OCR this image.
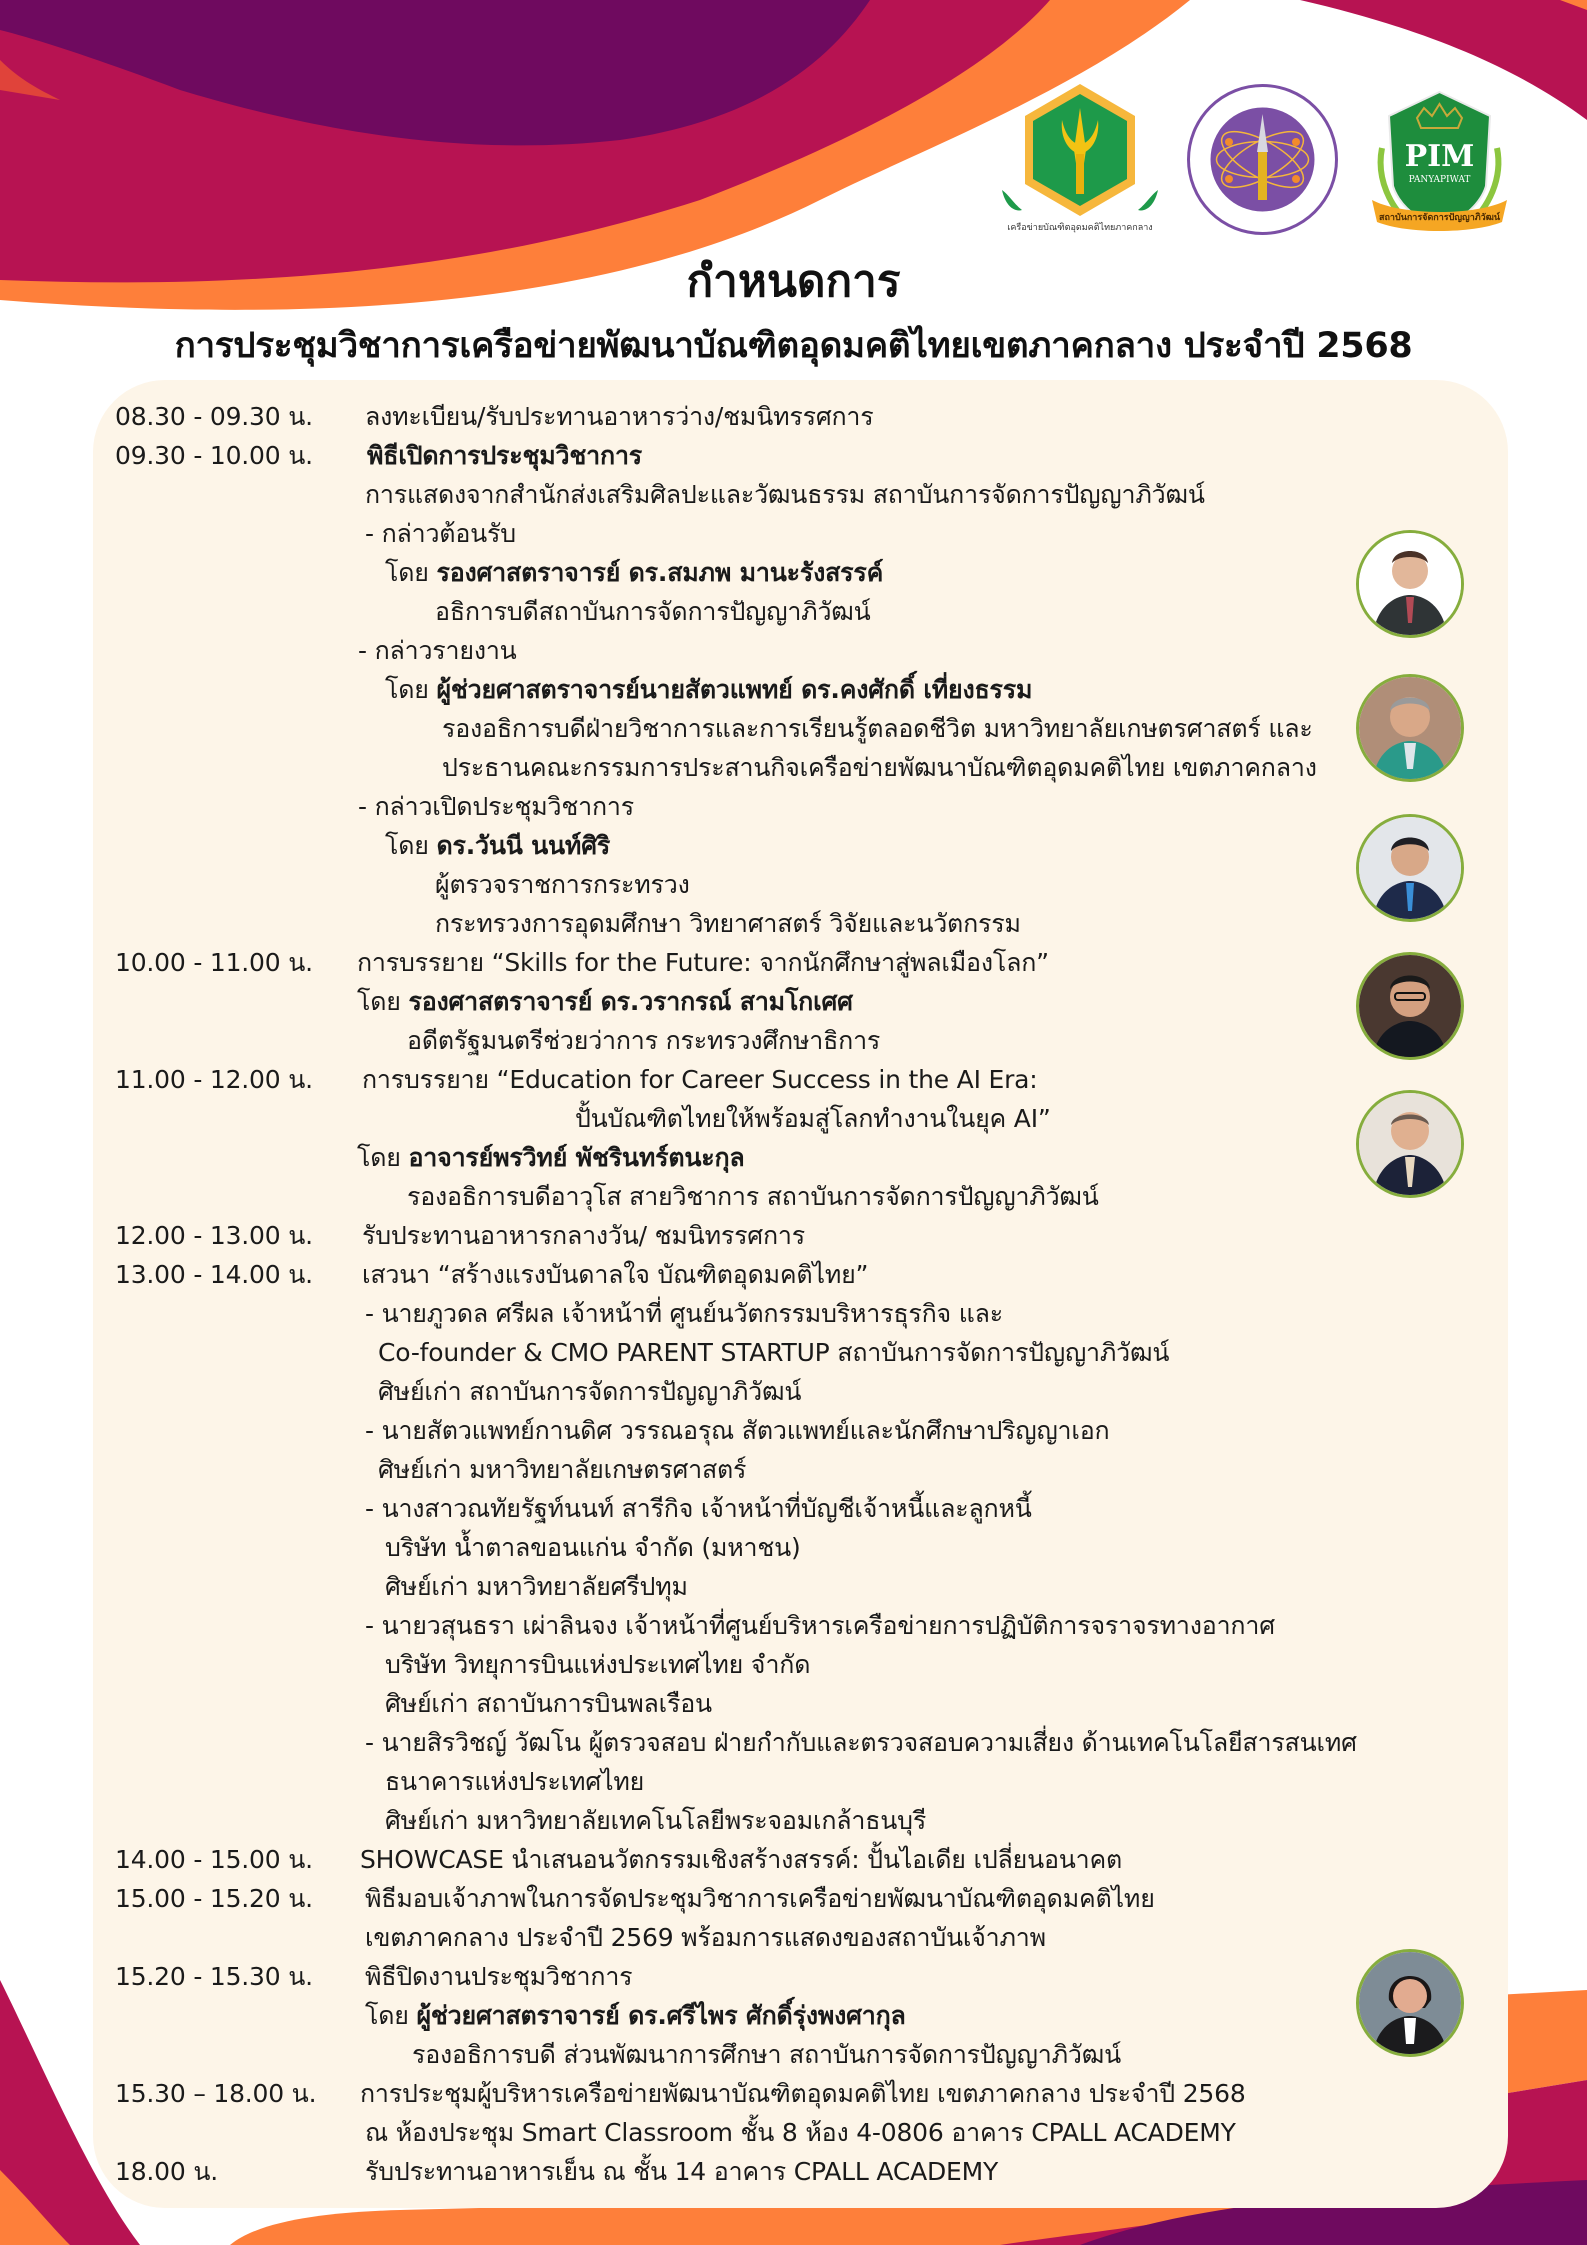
เครือข่ายบัณฑิตอุดมคติไทยภาคกลาง
PIM
PANYAPIWAT
สถาบันการจัดการปัญญาภิวัฒน์
กำหนดการ
การประชุมวิชาการเครือข่ายพัฒนาบัณฑิตอุดมคติไทยเขตภาคกลาง ประจำปี 2568
08.30 - 09.30 น. ลงทะเบียน/รับประทานอาหารว่าง/ชมนิทรรศการ
09.30 - 10.00 น. พิธีเปิดการประชุมวิชาการ
การแสดงจากสำนักส่งเสริมศิลปะและวัฒนธรรม สถาบันการจัดการปัญญาภิวัฒน์
- กล่าวต้อนรับ
โดย รองศาสตราจารย์ ดร.สมภพ มานะรังสรรค์
อธิการบดีสถาบันการจัดการปัญญาภิวัฒน์
- กล่าวรายงาน
โดย ผู้ช่วยศาสตราจารย์นายสัตวแพทย์ ดร.คงศักดิ์ เที่ยงธรรม
รองอธิการบดีฝ่ายวิชาการและการเรียนรู้ตลอดชีวิต มหาวิทยาลัยเกษตรศาสตร์ และ
ประธานคณะกรรมการประสานกิจเครือข่ายพัฒนาบัณฑิตอุดมคติไทย เขตภาคกลาง
- กล่าวเปิดประชุมวิชาการ
โดย ดร.วันนี นนท์ศิริ
ผู้ตรวจราชการกระทรวง
กระทรวงการอุดมศึกษา วิทยาศาสตร์ วิจัยและนวัตกรรม
10.00 - 11.00 น. การบรรยาย “Skills for the Future: จากนักศึกษาสู่พลเมืองโลก”
โดย รองศาสตราจารย์ ดร.วรากรณ์ สามโกเศศ
อดีตรัฐมนตรีช่วยว่าการ กระทรวงศึกษาธิการ
11.00 - 12.00 น. การบรรยาย “Education for Career Success in the AI Era:
ปั้นบัณฑิตไทยให้พร้อมสู่โลกทำงานในยุค AI”
โดย อาจารย์พรวิทย์ พัชรินทร์ตนะกุล
รองอธิการบดีอาวุโส สายวิชาการ สถาบันการจัดการปัญญาภิวัฒน์
12.00 - 13.00 น. รับประทานอาหารกลางวัน/ ชมนิทรรศการ
13.00 - 14.00 น. เสวนา “สร้างแรงบันดาลใจ บัณฑิตอุดมคติไทย”
- นายภูวดล ศรีผล เจ้าหน้าที่ ศูนย์นวัตกรรมบริหารธุรกิจ และ
Co-founder & CMO PARENT STARTUP สถาบันการจัดการปัญญาภิวัฒน์
ศิษย์เก่า สถาบันการจัดการปัญญาภิวัฒน์
- นายสัตวแพทย์กานดิศ วรรณอรุณ สัตวแพทย์และนักศึกษาปริญญาเอก
ศิษย์เก่า มหาวิทยาลัยเกษตรศาสตร์
- นางสาวณทัยรัฐท์นนท์ สารีกิจ เจ้าหน้าที่บัญชีเจ้าหนี้และลูกหนี้
บริษัท น้ำตาลขอนแก่น จำกัด (มหาชน)
ศิษย์เก่า มหาวิทยาลัยศรีปทุม
- นายวสุนธรา เผ่าลินจง เจ้าหน้าที่ศูนย์บริหารเครือข่ายการปฏิบัติการจราจรทางอากาศ
บริษัท วิทยุการบินแห่งประเทศไทย จำกัด
ศิษย์เก่า สถาบันการบินพลเรือน
- นายสิรวิชญ์ วัฒโน ผู้ตรวจสอบ ฝ่ายกำกับและตรวจสอบความเสี่ยง ด้านเทคโนโลยีสารสนเทศ
ธนาคารแห่งประเทศไทย
ศิษย์เก่า มหาวิทยาลัยเทคโนโลยีพระจอมเกล้าธนบุรี
14.00 - 15.00 น. SHOWCASE นำเสนอนวัตกรรมเชิงสร้างสรรค์: ปั้นไอเดีย เปลี่ยนอนาคต
15.00 - 15.20 น. พิธีมอบเจ้าภาพในการจัดประชุมวิชาการเครือข่ายพัฒนาบัณฑิตอุดมคติไทย
เขตภาคกลาง ประจำปี 2569 พร้อมการแสดงของสถาบันเจ้าภาพ
15.20 - 15.30 น. พิธีปิดงานประชุมวิชาการ
โดย ผู้ช่วยศาสตราจารย์ ดร.ศรีไพร ศักดิ์รุ่งพงศากุล
รองอธิการบดี ส่วนพัฒนาการศึกษา สถาบันการจัดการปัญญาภิวัฒน์
15.30 – 18.00 น. การประชุมผู้บริหารเครือข่ายพัฒนาบัณฑิตอุดมคติไทย เขตภาคกลาง ประจำปี 2568
ณ ห้องประชุม Smart Classroom ชั้น 8 ห้อง 4-0806 อาคาร CPALL ACADEMY
18.00 น.	รับประทานอาหารเย็น ณ ชั้น 14 อาคาร CPALL ACADEMY
